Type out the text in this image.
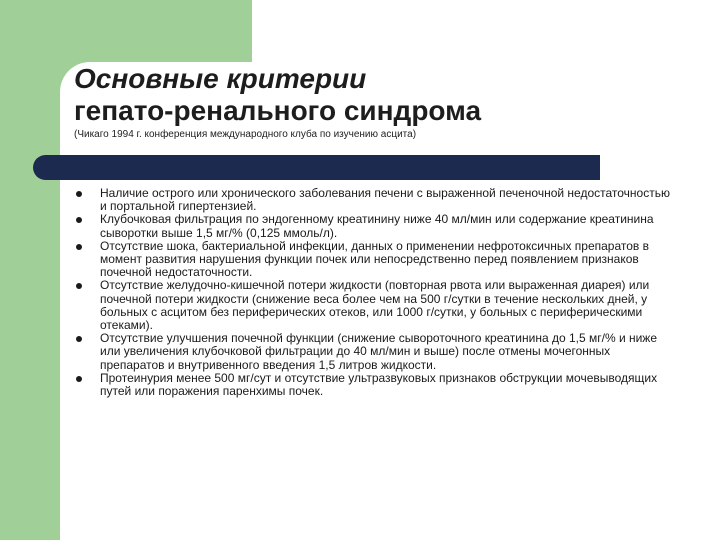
Основные критерии
гепато-ренального синдрома
(Чикаго 1994 г. конференция международного клуба по изучению асцита)
Наличие острого или хронического заболевания печени с выраженной печеночной недостаточностью и портальной гипертензией.
Клубочковая фильтрация по эндогенному креатинину ниже 40 мл/мин или содержание креатинина сыворотки выше 1,5 мг/% (0,125 ммоль/л).
Отсутствие шока, бактериальной инфекции, данных о применении нефротоксичных препаратов в момент развития нарушения функции почек или непосредственно перед появлением признаков почечной недостаточности.
Отсутствие желудочно-кишечной потери жидкости (повторная рвота или выраженная диарея) или почечной потери жидкости (снижение веса более чем на 500 г/сутки в течение нескольких дней, у больных с асцитом без периферических отеков, или 1000 г/сутки, у больных с периферическими отеками).
Отсутствие улучшения почечной функции (снижение сывороточного креатинина до 1,5 мг/% и ниже или увеличения клубочковой фильтрации до 40 мл/мин и выше) после отмены мочегонных препаратов и внутривенного введения 1,5 литров жидкости.
Протеинурия менее 500 мг/сут и отсутствие ультразвуковых признаков обструкции мочевыводящих путей или поражения паренхимы почек.
